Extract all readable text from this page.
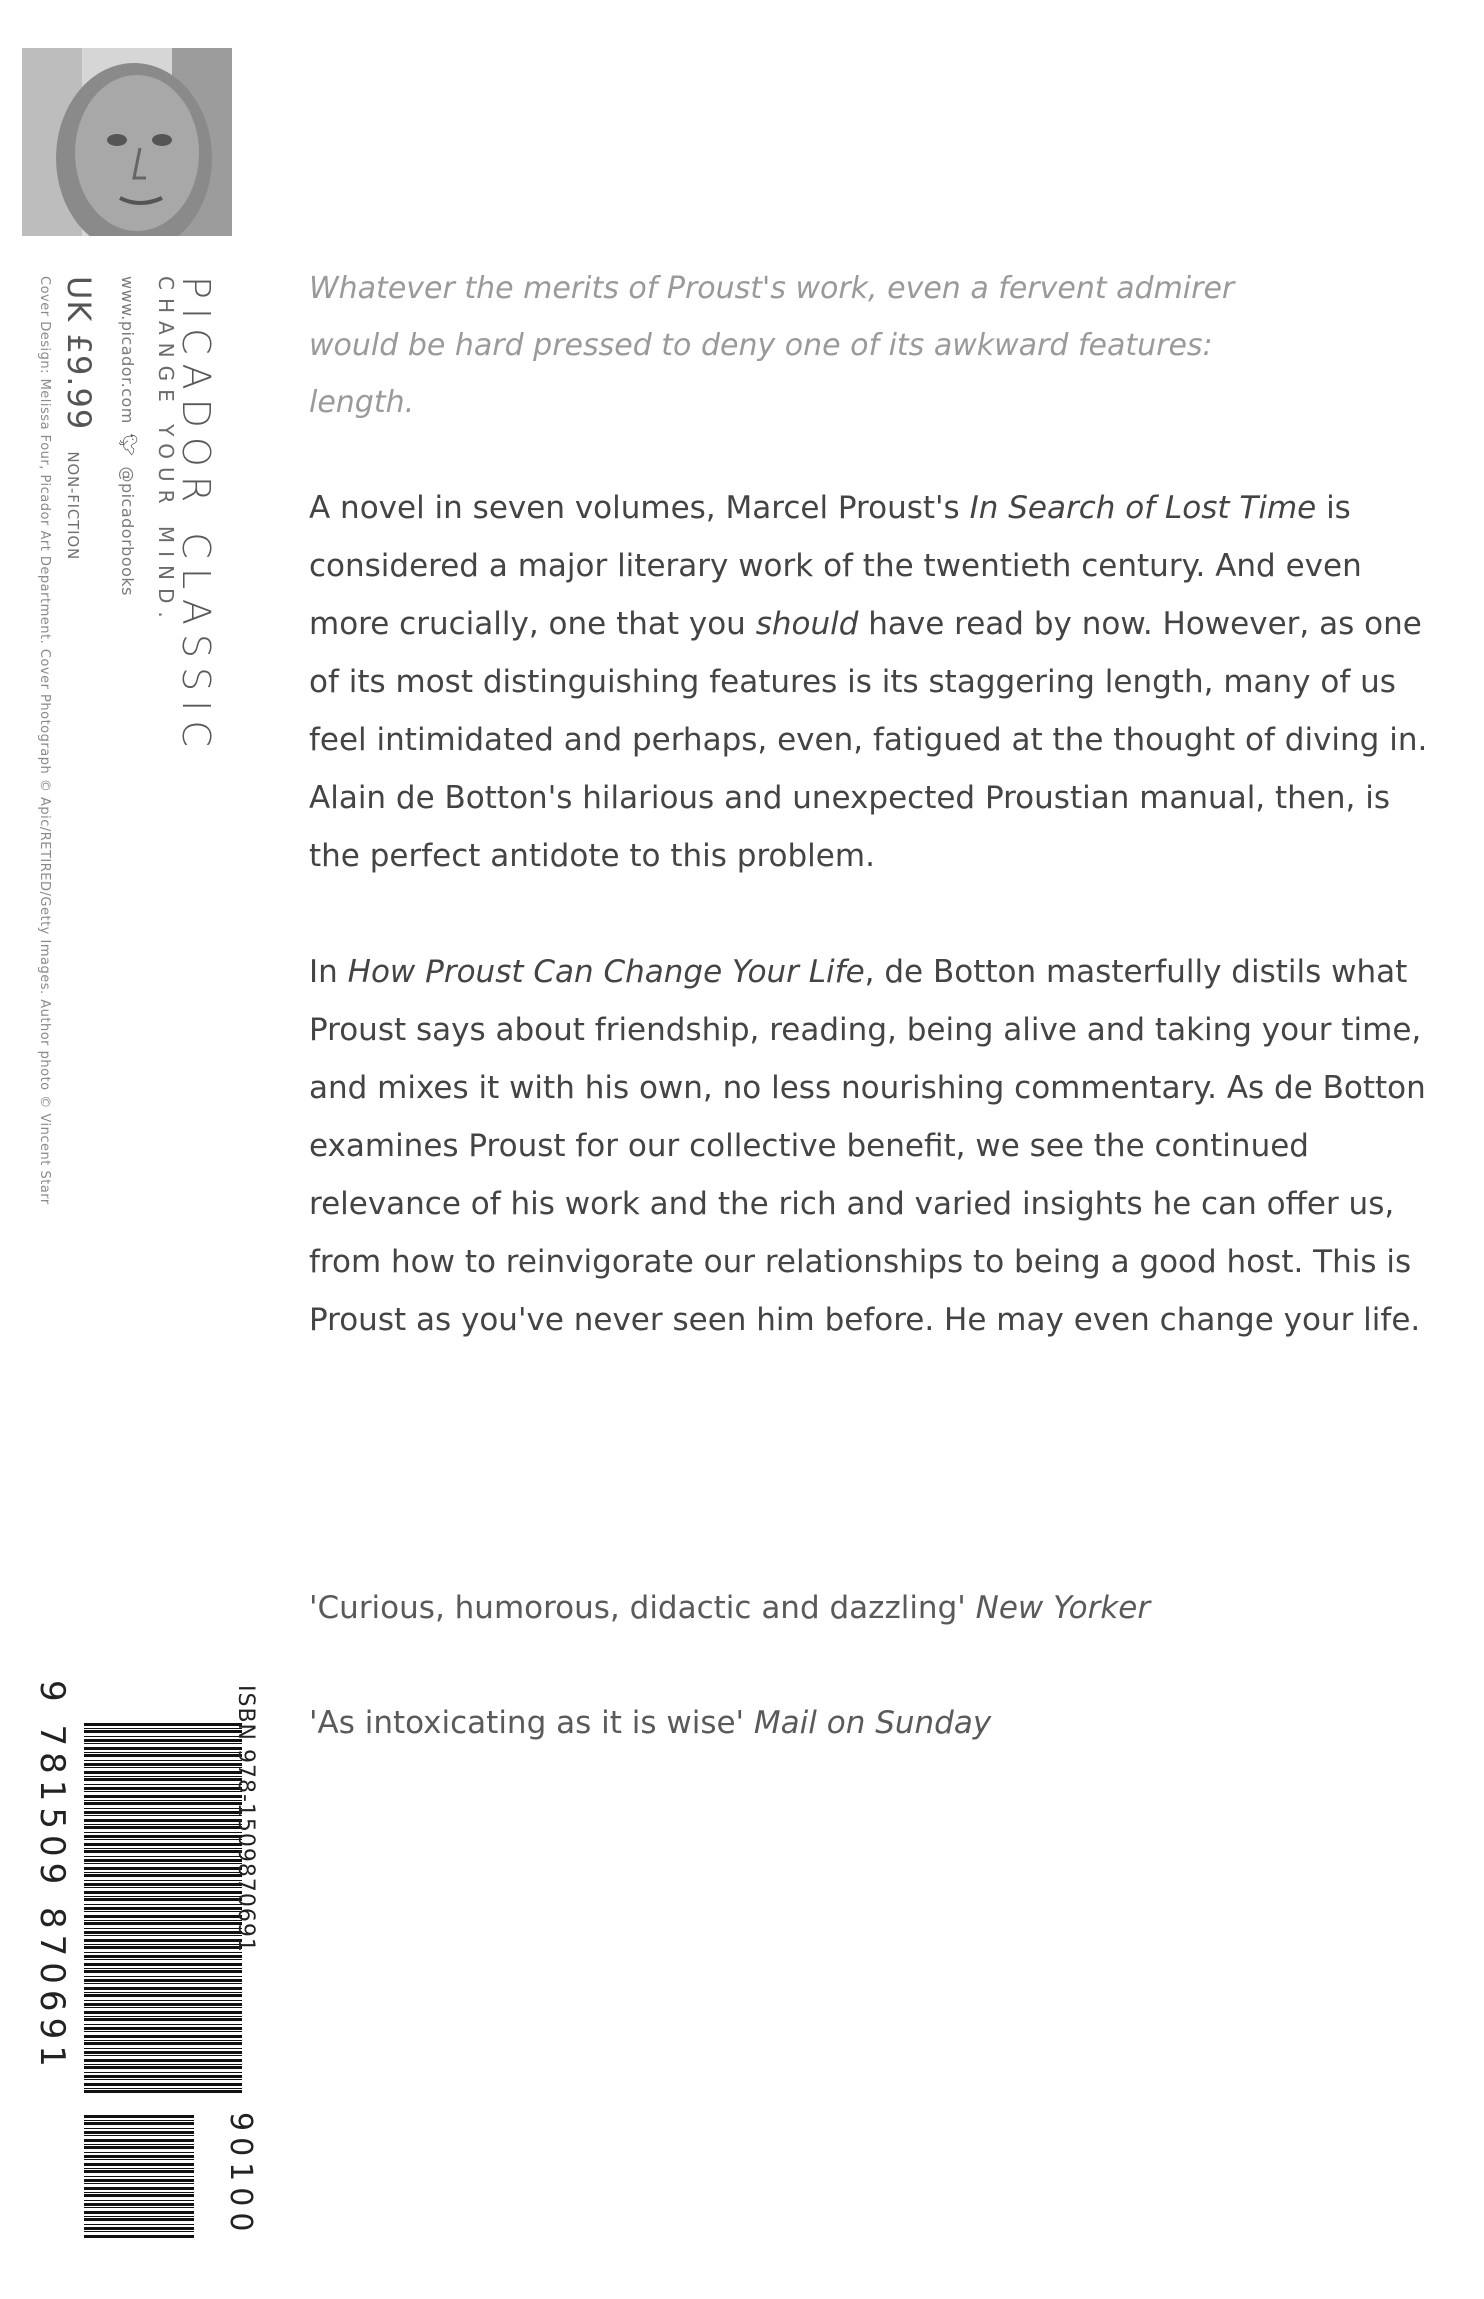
PICADOR CLASSIC
CHANGE YOUR MIND.
www.picador.com 🐦︎ @picadorbooks
UK £9.99 NON-FICTION
Cover Design: Melissa Four, Picador Art Department. Cover Photograph © Apic/RETIRED/Getty Images. Author photo © Vincent Starr	Whatever the merits of Proust's work, even a fervent admirer would be hard pressed to deny one of its awkward features: length.

A novel in seven volumes, Marcel Proust's In Search of Lost Time is considered a major literary work of the twentieth century. And even more crucially, one that you should have read by now. However, as one of its most distinguishing features is its staggering length, many of us feel intimidated and perhaps, even, fatigued at the thought of diving in. Alain de Botton's hilarious and unexpected Proustian manual, then, is the perfect antidote to this problem.

In How Proust Can Change Your Life, de Botton masterfully distils what Proust says about friendship, reading, being alive and taking your time, and mixes it with his own, no less nourishing commentary. As de Botton examines Proust for our collective benefit, we see the continued relevance of his work and the rich and varied insights he can offer us, from how to reinvigorate our relationships to being a good host. This is Proust as you've never seen him before. He may even change your life.

'Curious, humorous, didactic and dazzling' New Yorker

'As intoxicating as it is wise' Mail on Sunday

ISBN 978-1509870691
9 781509 870691
90100
